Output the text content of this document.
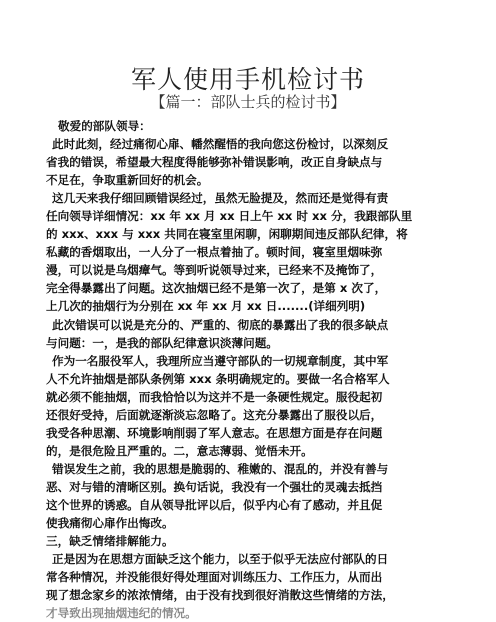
军人使用手机检讨书
【篇一：部队士兵的检讨书】
敬爱的部队领导：
此时此刻，经过痛彻心扉、幡然醒悟的我向您这份检讨，以深刻反
省我的错误，希望最大程度得能够弥补错误影响，改正自身缺点与
不足在，争取重新回好的机会。
这几天来我仔细回顾错误经过，虽然无脸提及，然而还是觉得有责
任向领导详细情况：xx 年 xx 月 xx 日上午 xx 时 xx 分，我跟部队里
的 xxx、xxx 与 xxx 共同在寝室里闲聊，闲聊期间违反部队纪律，将
私藏的香烟取出，一人分了一根点着抽了。顿时间，寝室里烟味弥
漫，可以说是乌烟瘴气。等到听说领导过来，已经来不及掩饰了，
完全得暴露出了问题。这次抽烟已经不是第一次了，是第 x 次了，
上几次的抽烟行为分别在 xx 年 xx 月 xx 日.......(详细列明)
此次错误可以说是充分的、严重的、彻底的暴露出了我的很多缺点
与问题：一，是我的部队纪律意识淡薄问题。
作为一名服役军人，我理所应当遵守部队的一切规章制度，其中军
人不允许抽烟是部队条例第 xxx 条明确规定的。要做一名合格军人
就必须不能抽烟，而我恰恰以为这并不是一条硬性规定。服役起初
还很好受持，后面就逐渐淡忘忽略了。这充分暴露出了服役以后，
我受各种思潮、环境影响削弱了军人意志。在思想方面是存在问题
的，是很危险且严重的。二，意志薄弱、觉悟未开。
错误发生之前，我的思想是脆弱的、稚嫩的、混乱的，并没有善与
恶、对与错的清晰区别。换句话说，我没有一个强壮的灵魂去抵挡
这个世界的诱惑。自从领导批评以后，似乎内心有了感动，并且促
使我痛彻心扉作出悔改。
三，缺乏情绪排解能力。
正是因为在思想方面缺乏这个能力，以至于似乎无法应付部队的日
常各种情况，并没能很好得处理面对训练压力、工作压力，从而出
现了想念家乡的浓浓情绪，由于没有找到很好消散这些情绪的方法，
才导致出现抽烟违纪的情况。
